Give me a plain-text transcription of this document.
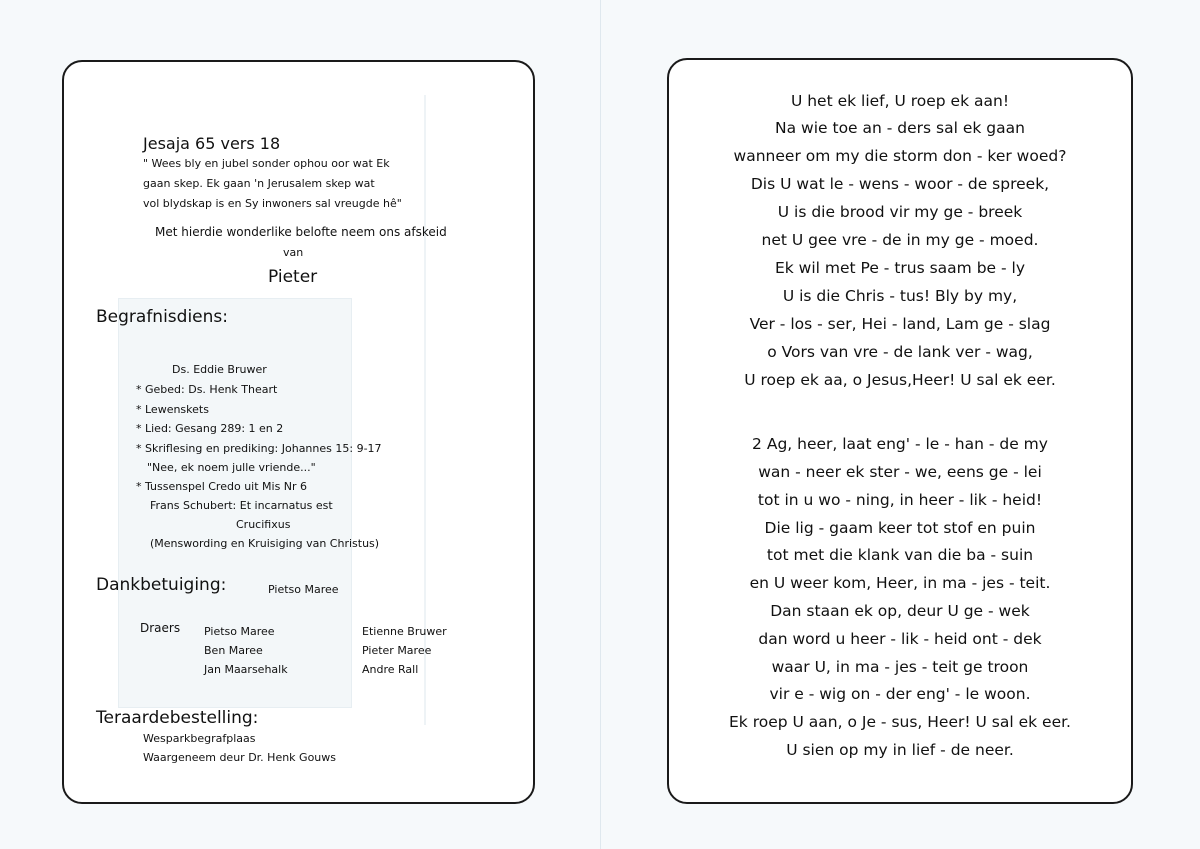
Jesaja 65 vers 18
" Wees bly en jubel sonder ophou oor wat Ek
gaan skep. Ek gaan 'n Jerusalem skep wat
vol blydskap is en Sy inwoners sal vreugde hê"
Met hierdie wonderlike belofte neem ons afskeid
van
Pieter
Begrafnisdiens:
Ds. Eddie Bruwer
* Gebed: Ds. Henk Theart
* Lewenskets
* Lied: Gesang 289: 1 en 2
* Skriflesing en prediking: Johannes 15: 9-17
"Nee, ek noem julle vriende..."
* Tussenspel Credo uit Mis Nr 6
Frans Schubert: Et incarnatus est
Crucifixus
(Menswording en Kruisiging van Christus)
Dankbetuiging:	Pietso Maree
Draers Pietso Maree
Ben Maree
Jan Maarsehalk
Etienne Bruwer
Pieter Maree
Andre Rall
Teraardebestelling:
Wesparkbegrafplaas
Waargeneem deur Dr. Henk Gouws
U het ek lief, U roep ek aan!
Na wie toe an - ders sal ek gaan
wanneer om my die storm don - ker woed?
Dis U wat le - wens - woor - de spreek,
U is die brood vir my ge - breek
net U gee vre - de in my ge - moed.
Ek wil met Pe - trus saam be - ly
U is die Chris - tus! Bly by my,
Ver - los - ser, Hei - land, Lam ge - slag
o Vors van vre - de lank ver - wag,
U roep ek aa, o Jesus,Heer! U sal ek eer.
2 Ag, heer, laat eng' - le - han - de my
wan - neer ek ster - we, eens ge - lei
tot in u wo - ning, in heer - lik - heid!
Die lig - gaam keer tot stof en puin
tot met die klank van die ba - suin
en U weer kom, Heer, in ma - jes - teit.
Dan staan ek op, deur U ge - wek
dan word u heer - lik - heid ont - dek
waar U, in ma - jes - teit ge troon
vir e - wig on - der eng' - le woon.
Ek roep U aan, o Je - sus, Heer! U sal ek eer.
U sien op my in lief - de neer.
